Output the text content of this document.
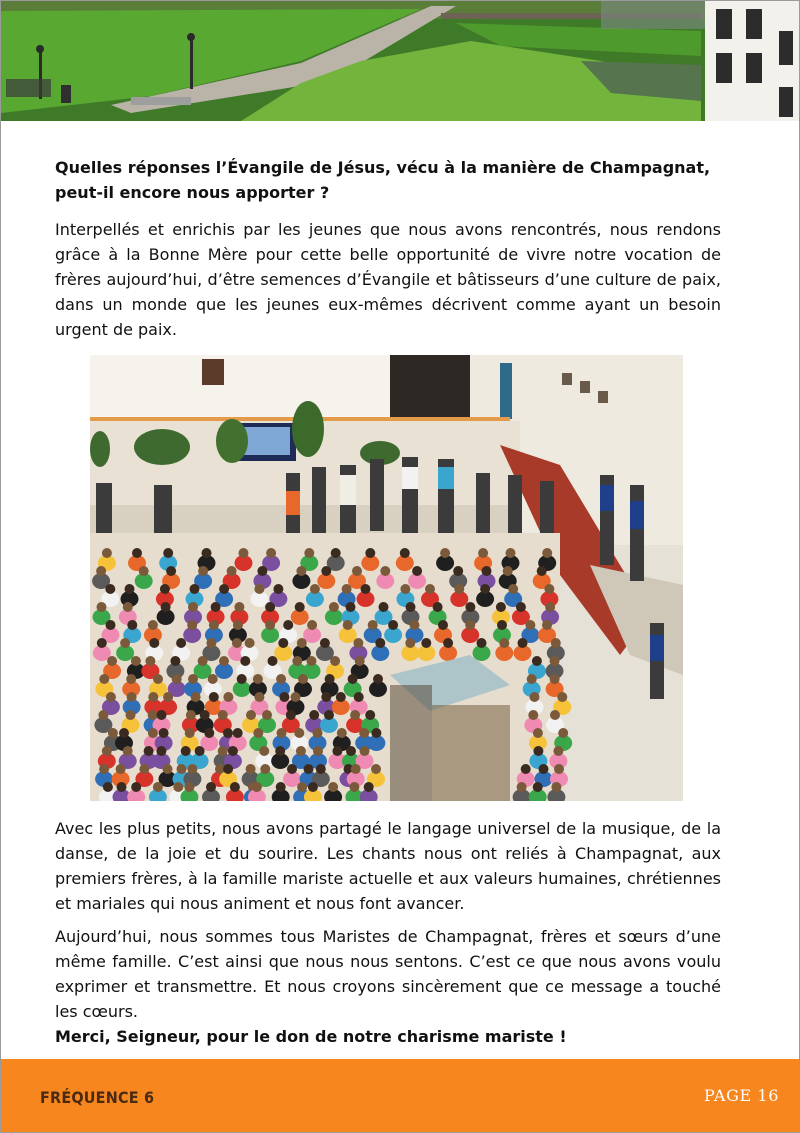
Quelles réponses l’Évangile de Jésus, vécu à la manière de Champagnat, peut-il encore nous apporter ?
Interpellés et enrichis par les jeunes que nous avons rencontrés, nous rendons grâce à la Bonne Mère pour cette belle opportunité de vivre notre vocation de frères aujourd’hui, d’être semences d’Évangile et bâtisseurs d’une culture de paix, dans un monde que les jeunes eux-mêmes décrivent comme ayant un besoin urgent de paix.
Avec les plus petits, nous avons partagé le langage universel de la musique, de la danse, de la joie et du sourire. Les chants nous ont reliés à Champagnat, aux premiers frères, à la famille mariste actuelle et aux valeurs humaines, chrétiennes et mariales qui nous animent et nous font avancer.
Aujourd’hui, nous sommes tous Maristes de Champagnat, frères et sœurs d’une même famille. C’est ainsi que nous nous sentons. C’est ce que nous avons voulu exprimer et transmettre. Et nous croyons sincèrement que ce message a touché les cœurs.
Merci, Seigneur, pour le don de notre charisme mariste !
FRÉQUENCE 6	PAGE 16
